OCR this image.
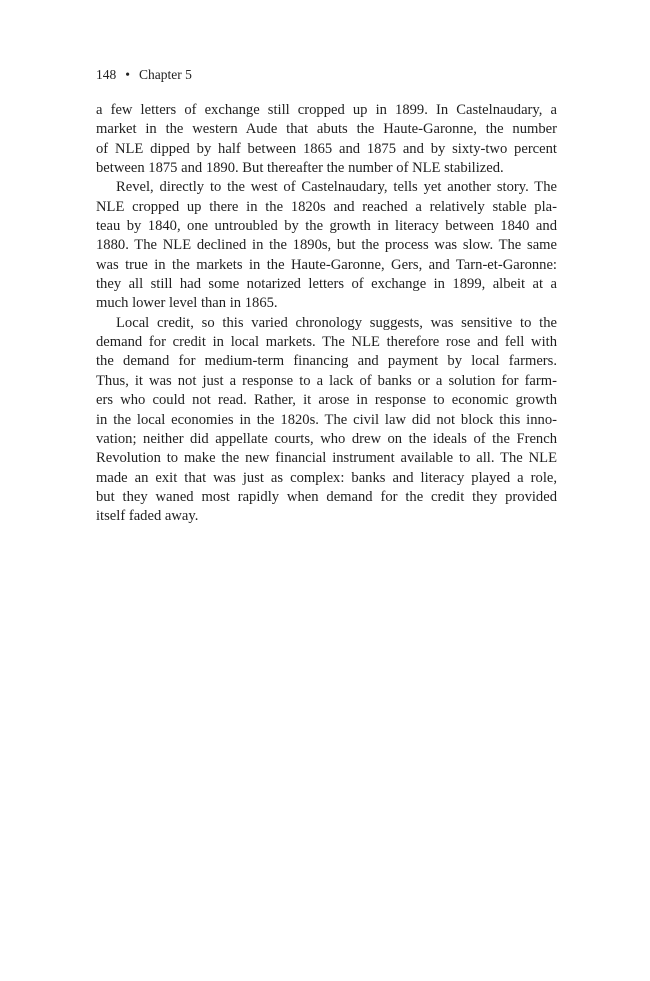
148 • Chapter 5
a few letters of exchange still cropped up in 1899. In Castelnaudary, a
market in the western Aude that abuts the Haute-Garonne, the number
of NLE dipped by half between 1865 and 1875 and by sixty-two percent
between 1875 and 1890. But thereafter the number of NLE stabilized.
Revel, directly to the west of Castelnaudary, tells yet another story. The
NLE cropped up there in the 1820s and reached a relatively stable pla-
teau by 1840, one untroubled by the growth in literacy between 1840 and
1880. The NLE declined in the 1890s, but the process was slow. The same
was true in the markets in the Haute-Garonne, Gers, and Tarn-et-Garonne:
they all still had some notarized letters of exchange in 1899, albeit at a
much lower level than in 1865.
Local credit, so this varied chronology suggests, was sensitive to the
demand for credit in local markets. The NLE therefore rose and fell with
the demand for medium-term financing and payment by local farmers.
Thus, it was not just a response to a lack of banks or a solution for farm-
ers who could not read. Rather, it arose in response to economic growth
in the local economies in the 1820s. The civil law did not block this inno-
vation; neither did appellate courts, who drew on the ideals of the French
Revolution to make the new financial instrument available to all. The NLE
made an exit that was just as complex: banks and literacy played a role,
but they waned most rapidly when demand for the credit they provided
itself faded away.
